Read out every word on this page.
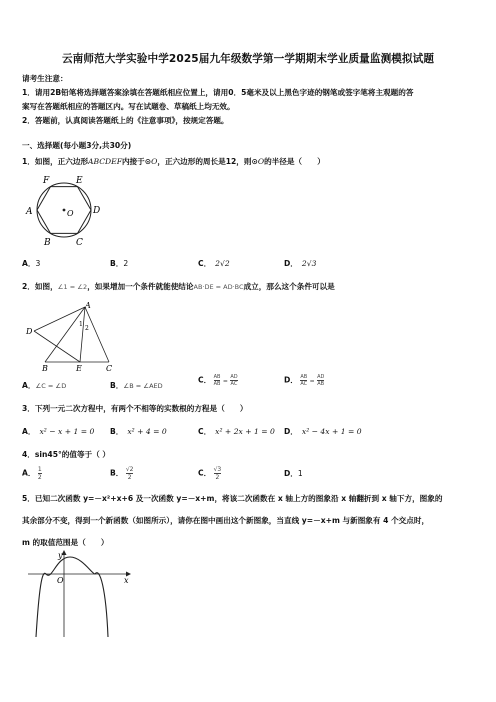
云南师范大学实验中学2025届九年级数学第一学期期末学业质量监测模拟试题
请考生注意：
1．请用2B铅笔将选择题答案涂填在答题纸相应位置上，请用0．5毫米及以上黑色字迹的钢笔或签字笔将主观题的答
案写在答题纸相应的答题区内。写在试题卷、草稿纸上均无效。
2．答题前，认真阅读答题纸上的《注意事项》，按规定答题。
一、选择题(每小题3分,共30分)
1．如图，正六边形ABCDEF内接于⊙O，正六边形的周长是12，则⊙O的半径是（　　）
A
B	C
D
E
F
O
A．3	B．2	C． 2√2	D． 2√3
2．如图，∠1 = ∠2，如果增加一个条件就能使结论AB·DE = AD·BC成立，那么这个条件可以是
A
B	C
D
E
1
2
A．∠C = ∠D	B．∠B = ∠AED
C． $\frac{AB}{AB} = \frac{AD}{AC}$	D． $\frac{AB}{AC} = \frac{AD}{AB}$
3．下列一元二次方程中，有两个不相等的实数根的方程是（　　）
A． x² − x + 1 = 0 B． x² + 4 = 0	C． x² + 2x + 1 = 0 D． x² − 4x + 1 = 0
4．sin45°的值等于（ ）
A． $\frac{1}{2}$	B． $\frac{√2}{2}$	C． $\frac{√3}{2}$	D．1
5．已知二次函数 y=－x²+x+6 及一次函数 y=－x+m，将该二次函数在 x 轴上方的图象沿 x 轴翻折到 x 轴下方，图象的
其余部分不变，得到一个新函数（如图所示），请你在图中画出这个新图象，当直线 y=－x+m 与新图象有 4 个交点时，
m 的取值范围是（　　）
y
x
O
